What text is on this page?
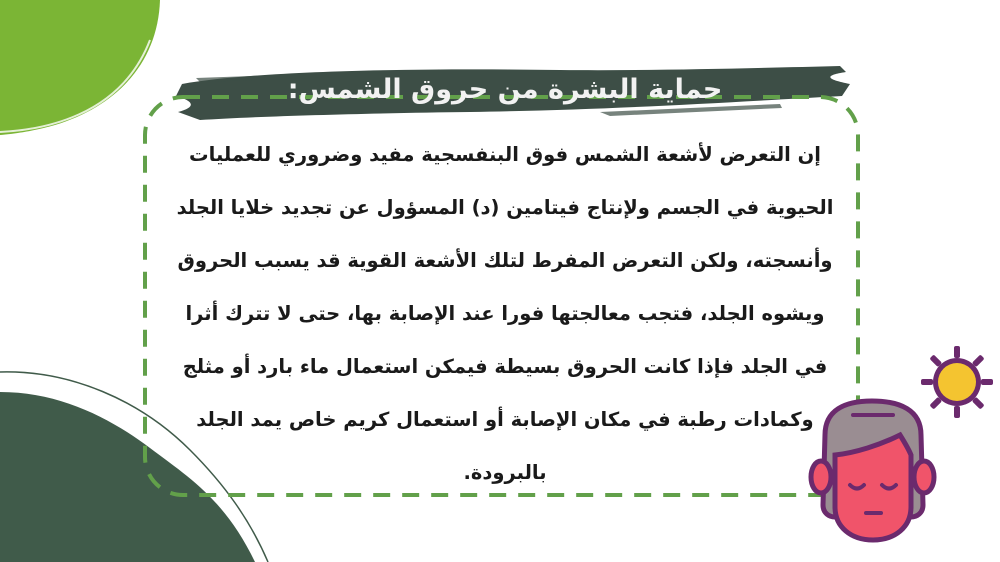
حماية البشرة من حروق الشمس:
إن التعرض لأشعة الشمس فوق البنفسجية مفيد وضروري للعمليات الحيوية في الجسم ولإنتاج فيتامين (د) المسؤول عن تجديد خلايا الجلد وأنسجته، ولكن التعرض المفرط لتلك الأشعة القوية قد يسبب الحروق ويشوه الجلد، فتجب معالجتها فورا عند الإصابة بها، حتى لا تترك أثرا في الجلد فإذا كانت الحروق بسيطة فيمكن استعمال ماء بارد أو مثلج وكمادات رطبة في مكان الإصابة أو استعمال كريم خاص يمد الجلد بالبرودة.
